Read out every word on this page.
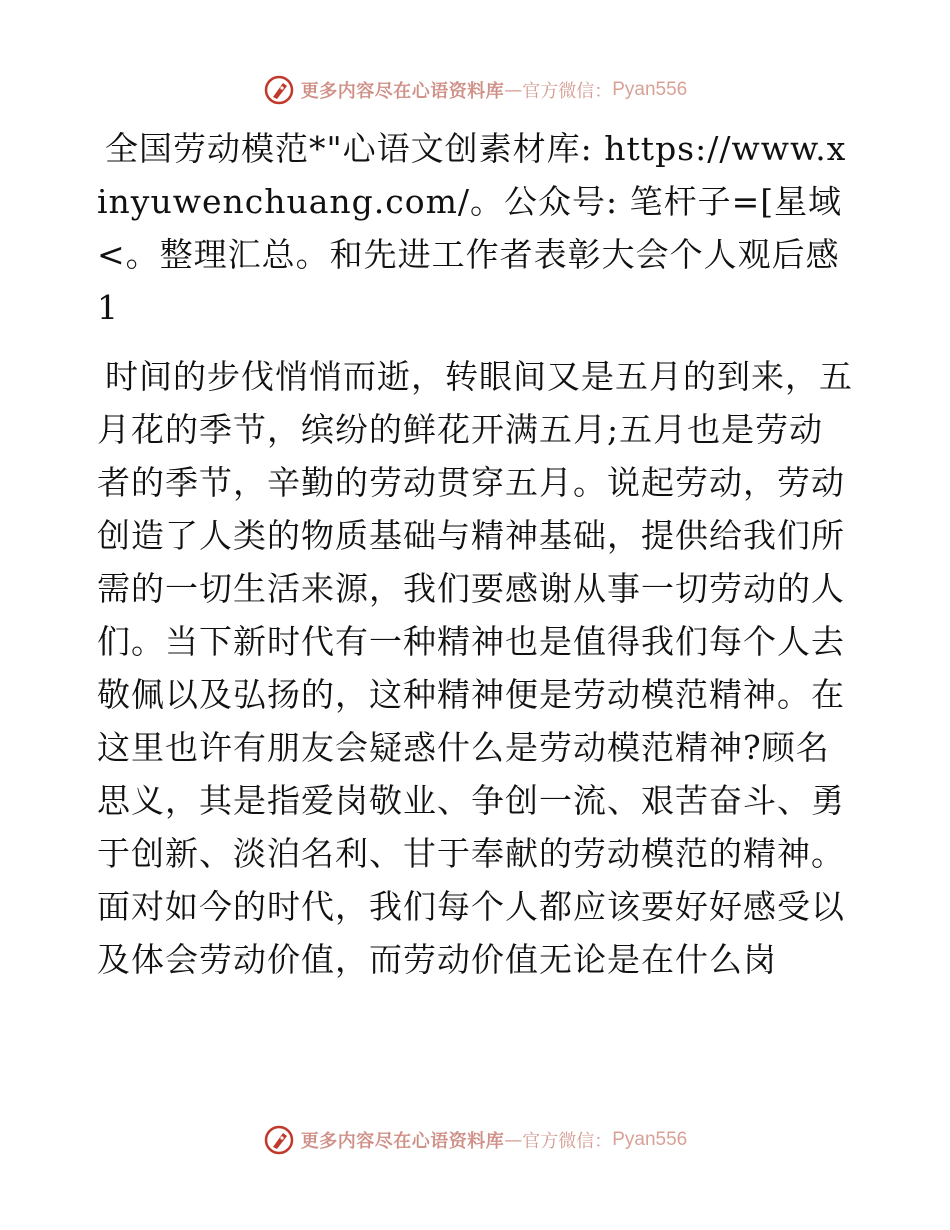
更多内容尽在心语资料库 — 官方微信： Pyan556

全国劳动模范*"心语文创素材库: https://www.xinyuwenchuang.com/。公众号: 笔杆子=[星域<。整理汇总。和先进工作者表彰大会个人观后感1

时间的步伐悄悄而逝，转眼间又是五月的到来，五月花的季节，缤纷的鲜花开满五月;五月也是劳动者的季节，辛勤的劳动贯穿五月。说起劳动，劳动创造了人类的物质基础与精神基础，提供给我们所需的一切生活来源，我们要感谢从事一切劳动的人们。当下新时代有一种精神也是值得我们每个人去敬佩以及弘扬的，这种精神便是劳动模范精神。在这里也许有朋友会疑惑什么是劳动模范精神?顾名思义，其是指爱岗敬业、争创一流、艰苦奋斗、勇于创新、淡泊名利、甘于奉献的劳动模范的精神。面对如今的时代，我们每个人都应该要好好感受以及体会劳动价值，而劳动价值无论是在什么岗

更多内容尽在心语资料库 — 官方微信： Pyan556
